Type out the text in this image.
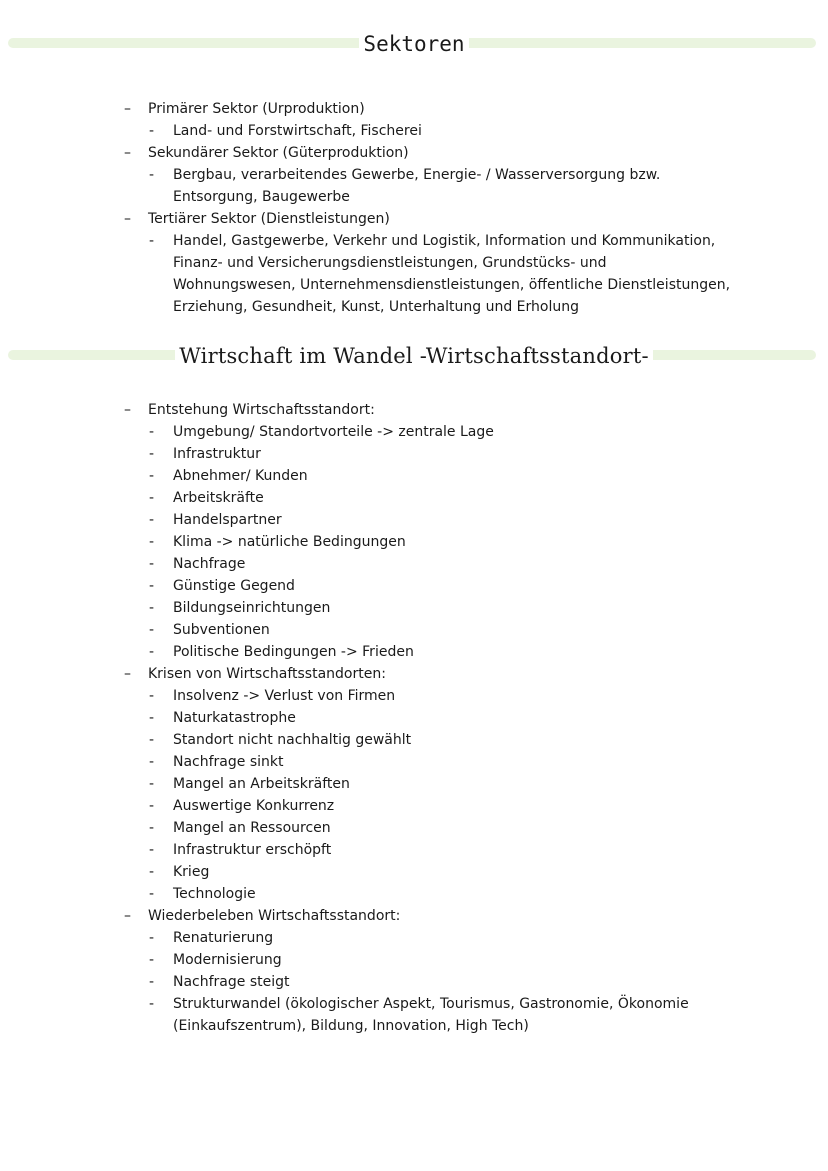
Sektoren
– Primärer Sektor (Urproduktion)
- Land- und Forstwirtschaft, Fischerei
– Sekundärer Sektor (Güterproduktion)
- Bergbau, verarbeitendes Gewerbe, Energie- / Wasserversorgung bzw. Entsorgung, Baugewerbe
– Tertiärer Sektor (Dienstleistungen)
- Handel, Gastgewerbe, Verkehr und Logistik, Information und Kommunikation, Finanz- und Versicherungsdienstleistungen, Grundstücks- und Wohnungswesen, Unternehmensdienstleistungen, öffentliche Dienstleistungen, Erziehung, Gesundheit, Kunst, Unterhaltung und Erholung
Wirtschaft im Wandel -Wirtschaftsstandort-
– Entstehung Wirtschaftsstandort:
- Umgebung/ Standortvorteile -> zentrale Lage
- Infrastruktur
- Abnehmer/ Kunden
- Arbeitskräfte
- Handelspartner
- Klima -> natürliche Bedingungen
- Nachfrage
- Günstige Gegend
- Bildungseinrichtungen
- Subventionen
- Politische Bedingungen -> Frieden
– Krisen von Wirtschaftsstandorten:
- Insolvenz -> Verlust von Firmen
- Naturkatastrophe
- Standort nicht nachhaltig gewählt
- Nachfrage sinkt
- Mangel an Arbeitskräften
- Auswertige Konkurrenz
- Mangel an Ressourcen
- Infrastruktur erschöpft
- Krieg
- Technologie
– Wiederbeleben Wirtschaftsstandort:
- Renaturierung
- Modernisierung
- Nachfrage steigt
- Strukturwandel (ökologischer Aspekt, Tourismus, Gastronomie, Ökonomie (Einkaufszentrum), Bildung, Innovation, High Tech)
